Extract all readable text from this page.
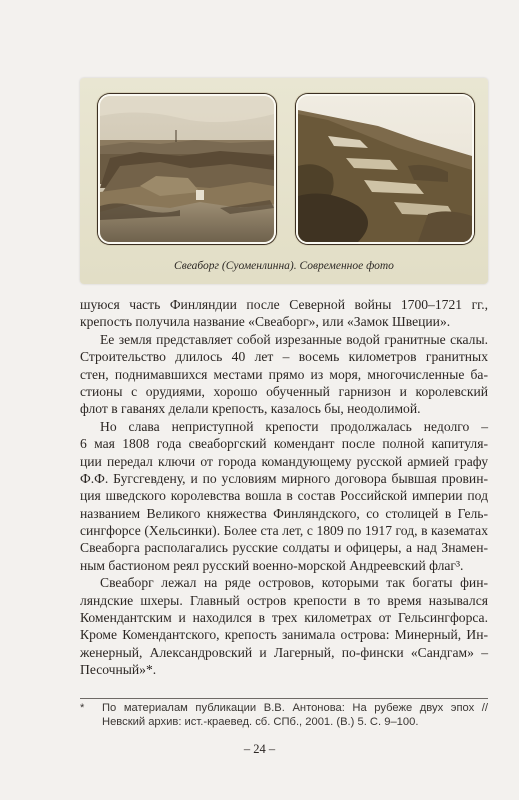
Свеаборг (Суоменлинна). Современное фото
шуюся часть Финляндии после Северной войны 1700–1721 гг.,
крепость получила название «Свеаборг», или «Замок Швеции».
Ее земля представляет собой изрезанные водой гранитные скалы.
Строительство длилось 40 лет – восемь километров гранитных
стен, поднимавшихся местами прямо из моря, многочисленные ба-
стионы с орудиями, хорошо обученный гарнизон и королевский
флот в гаванях делали крепость, казалось бы, неодолимой.
Но слава неприступной крепости продолжалась недолго –
6 мая 1808 года свеаборгский комендант после полной капитуля-
ции передал ключи от города командующему русской армией графу
Ф.Ф. Бугсгевдену, и по условиям мирного договора бывшая провин-
ция шведского королевства вошла в состав Российской империи под
названием Великого княжества Финляндского, со столицей в Гель-
сингфорсе (Хельсинки). Более ста лет, с 1809 по 1917 год, в казематах
Свеаборга располагались русские солдаты и офицеры, а над Знамен-
ным бастионом реял русский военно-морской Андреевский флаг³.
Свеаборг лежал на ряде островов, которыми так богаты фин-
ляндские шхеры. Главный остров крепости в то время назывался
Комендантским и находился в трех километрах от Гельсингфорса.
Кроме Комендантского, крепость занимала острова: Минерный, Ин-
женерный, Александровский и Лагерный, по-фински «Сандгам» –
Песочный»*.
* По материалам публикации В.В. Антонова: На рубеже двух эпох // Невский архив: ист.-краевед. сб. СПб., 2001. (В.) 5. С. 9–100.
– 24 –
